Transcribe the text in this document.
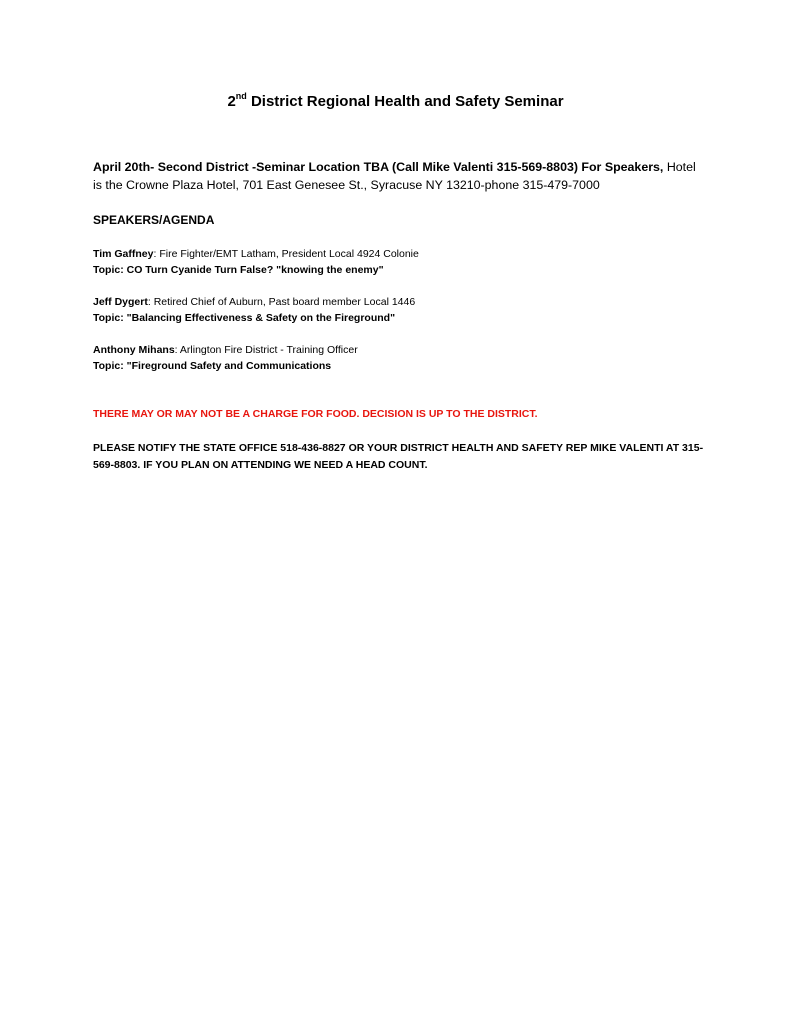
2nd District Regional Health and Safety Seminar
April 20th- Second District -Seminar Location TBA (Call Mike Valenti 315-569-8803) For Speakers, Hotel is the Crowne Plaza Hotel, 701 East Genesee St., Syracuse NY 13210-phone 315-479-7000
SPEAKERS/AGENDA
Tim Gaffney: Fire Fighter/EMT Latham, President Local 4924 Colonie
Topic: CO Turn Cyanide Turn False? "knowing the enemy"
Jeff Dygert: Retired Chief of Auburn, Past board member Local 1446
Topic: "Balancing Effectiveness & Safety on the Fireground"
Anthony Mihans: Arlington Fire District - Training Officer
Topic: "Fireground Safety and Communications
THERE MAY OR MAY NOT BE A CHARGE FOR FOOD. DECISION IS UP TO THE DISTRICT.
PLEASE NOTIFY THE STATE OFFICE 518-436-8827 OR YOUR DISTRICT HEALTH AND SAFETY REP MIKE VALENTI AT 315-569-8803. IF YOU PLAN ON ATTENDING WE NEED A HEAD COUNT.
